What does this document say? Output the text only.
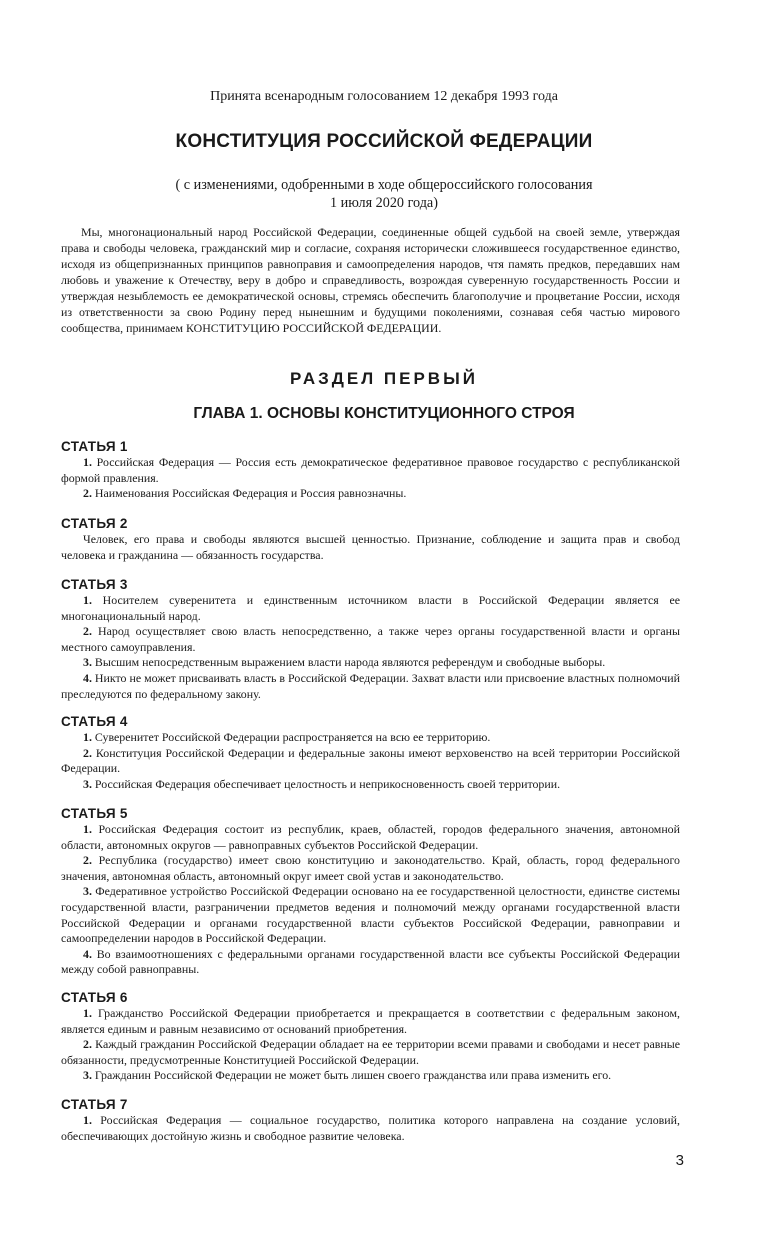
Принята всенародным голосованием 12 декабря 1993 года
КОНСТИТУЦИЯ РОССИЙСКОЙ ФЕДЕРАЦИИ
( с изменениями, одобренными в ходе общероссийского голосования
1 июля 2020 года)
Мы, многонациональный народ Российской Федерации, соединенные общей судьбой на своей земле, утверждая права и свободы человека, гражданский мир и согласие, сохраняя исторически сложившееся государственное единство, исходя из общепризнанных принципов равноправия и самоопределения народов, чтя память предков, передавших нам любовь и уважение к Отечеству, веру в добро и справедливость, возрождая суверенную государственность России и утверждая незыблемость ее демократической основы, стремясь обеспечить благополучие и процветание России, исходя из ответственности за свою Родину перед нынешним и будущими поколениями, сознавая себя частью мирового сообщества, принимаем КОНСТИТУЦИЮ РОССИЙСКОЙ ФЕДЕРАЦИИ.
РАЗДЕЛ ПЕРВЫЙ
ГЛАВА 1. ОСНОВЫ КОНСТИТУЦИОННОГО СТРОЯ
СТАТЬЯ 1
1. Российская Федерация — Россия есть демократическое федеративное правовое государство с республиканской формой правления.
2. Наименования Российская Федерация и Россия равнозначны.
СТАТЬЯ 2
Человек, его права и свободы являются высшей ценностью. Признание, соблюдение и защита прав и свобод человека и гражданина — обязанность государства.
СТАТЬЯ 3
1. Носителем суверенитета и единственным источником власти в Российской Федерации является ее многонациональный народ.
2. Народ осуществляет свою власть непосредственно, а также через органы государственной власти и органы местного самоуправления.
3. Высшим непосредственным выражением власти народа являются референдум и свободные выборы.
4. Никто не может присваивать власть в Российской Федерации. Захват власти или присвоение властных полномочий преследуются по федеральному закону.
СТАТЬЯ 4
1. Суверенитет Российской Федерации распространяется на всю ее территорию.
2. Конституция Российской Федерации и федеральные законы имеют верховенство на всей территории Российской Федерации.
3. Российская Федерация обеспечивает целостность и неприкосновенность своей территории.
СТАТЬЯ 5
1. Российская Федерация состоит из республик, краев, областей, городов федерального значения, автономной области, автономных округов — равноправных субъектов Российской Федерации.
2. Республика (государство) имеет свою конституцию и законодательство. Край, область, город федерального значения, автономная область, автономный округ имеет свой устав и законодательство.
3. Федеративное устройство Российской Федерации основано на ее государственной целостности, единстве системы государственной власти, разграничении предметов ведения и полномочий между органами государственной власти Российской Федерации и органами государственной власти субъектов Российской Федерации, равноправии и самоопределении народов в Российской Федерации.
4. Во взаимоотношениях с федеральными органами государственной власти все субъекты Российской Федерации между собой равноправны.
СТАТЬЯ 6
1. Гражданство Российской Федерации приобретается и прекращается в соответствии с федеральным законом, является единым и равным независимо от оснований приобретения.
2. Каждый гражданин Российской Федерации обладает на ее территории всеми правами и свободами и несет равные обязанности, предусмотренные Конституцией Российской Федерации.
3. Гражданин Российской Федерации не может быть лишен своего гражданства или права изменить его.
СТАТЬЯ 7
1. Российская Федерация — социальное государство, политика которого направлена на создание условий, обеспечивающих достойную жизнь и свободное развитие человека.
3
